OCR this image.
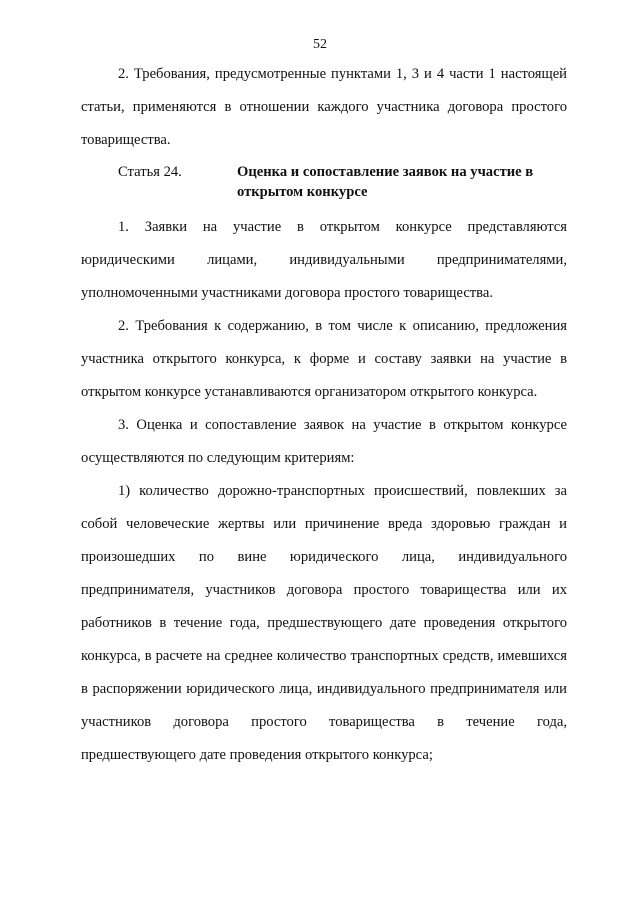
52

2. Требования, предусмотренные пунктами 1, 3 и 4 части 1 настоящей статьи, применяются в отношении каждого участника договора простого товарищества.

Статья 24.	Оценка и сопоставление заявок на участие в открытом конкурсе

1. Заявки на участие в открытом конкурсе представляются юридическими лицами, индивидуальными предпринимателями, уполномоченными участниками договора простого товарищества.

2. Требования к содержанию, в том числе к описанию, предложения участника открытого конкурса, к форме и составу заявки на участие в открытом конкурсе устанавливаются организатором открытого конкурса.

3. Оценка и сопоставление заявок на участие в открытом конкурсе осуществляются по следующим критериям:

1) количество дорожно-транспортных происшествий, повлекших за собой человеческие жертвы или причинение вреда здоровью граждан и произошедших по вине юридического лица, индивидуального предпринимателя, участников договора простого товарищества или их работников в течение года, предшествующего дате проведения открытого конкурса, в расчете на среднее количество транспортных средств, имевшихся в распоряжении юридического лица, индивидуального предпринимателя или участников договора простого товарищества в течение года, предшествующего дате проведения открытого конкурса;
